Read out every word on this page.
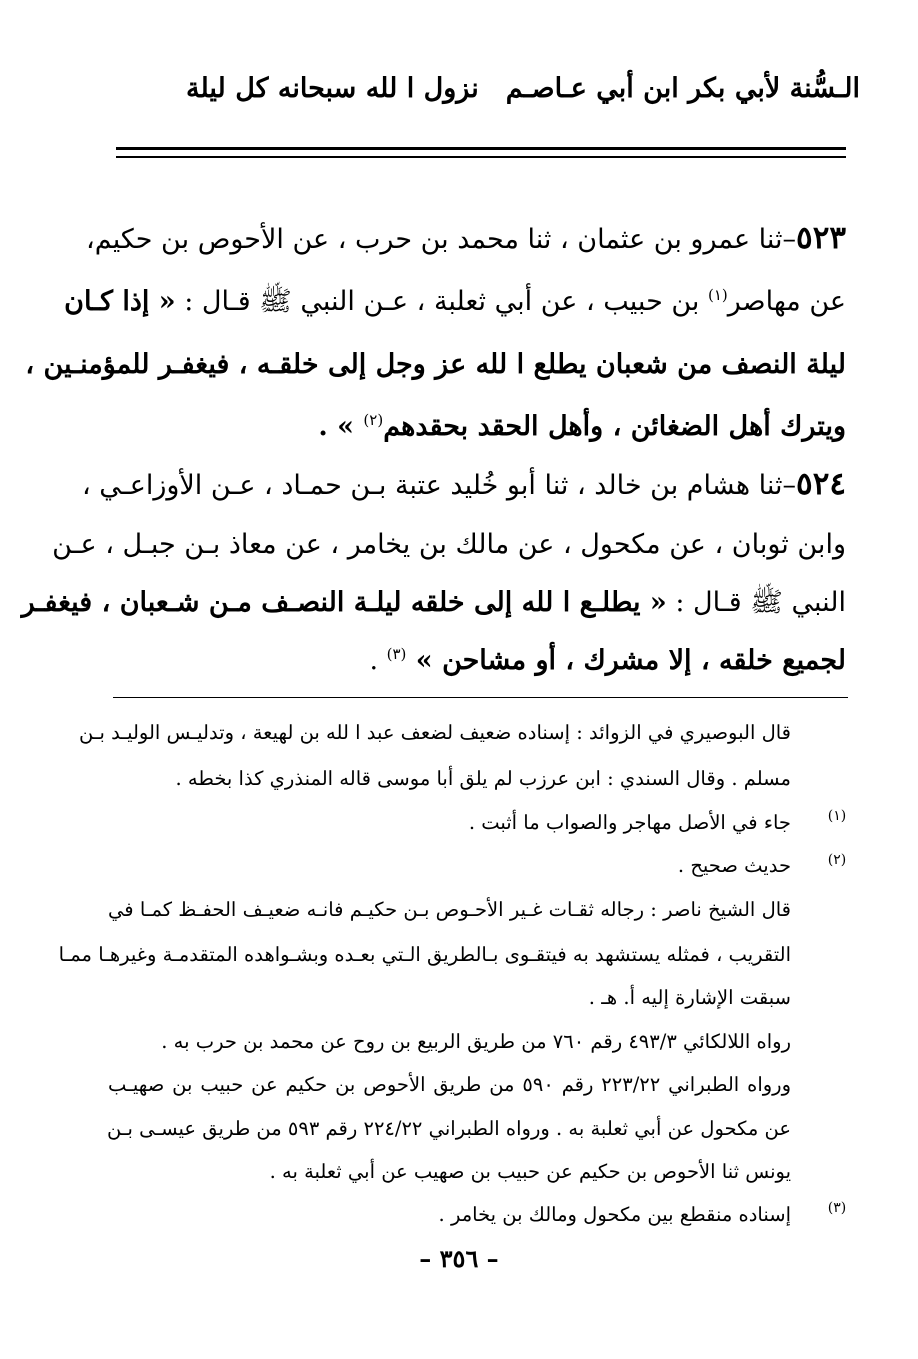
الـسُّنة لأبي بكر ابن أبي عـاصـم
نزول ا لله سبحانه كل ليلة
٥٢٣–ثنا عمرو بن عثمان ، ثنا محمد بن حرب ، عن الأحوص بن حكيم،
عن مهاصر$^{(١)}$ بن حبيب ، عن أبي ثعلبة ، عـن النبي ﷺ قـال : « إذا كـان
ليلة النصف من شعبان يطلع ا لله عز وجل إلى خلقـه ، فيغفـر للمؤمنـين ،
ويترك أهل الضغائن ، وأهل الحقد بحقدهم$^{(٢)}$ » .
٥٢٤–ثنا هشام بن خالد ، ثنا أبو خُليد عتبة بـن حمـاد ، عـن الأوزاعـي ،
وابن ثوبان ، عن مكحول ، عن مالك بن يخامر ، عن معاذ بـن جبـل ، عـن
النبي ﷺ قـال : « يطلـع ا لله إلى خلقه ليلـة النصـف مـن شـعبان ، فيغفـر
لجميع خلقه ، إلا مشرك ، أو مشاحن » $^{(٣)}$ .
قال البوصيري في الزوائد : إسناده ضعيف لضعف عبد ا لله بن لهيعة ، وتدليـس الوليـد بـن
مسلم . وقال السندي : ابن عرزب لم يلق أبا موسى قاله المنذري كذا بخطه .
(١)
جاء في الأصل مهاجر والصواب ما أثبت .
(٢)
حديث صحيح .
قال الشيخ ناصر : رجاله ثقـات غـير الأحـوص بـن حكيـم فانـه ضعيـف الحفـظ كمـا في
التقريب ، فمثله يستشهد به فيتقـوى بـالطريق الـتي بعـده وبشـواهده المتقدمـة وغيرهـا ممـا
سبقت الإشارة إليه أ. هـ .
رواه اللالكائي ٤٩٣/٣ رقم ٧٦٠ من طريق الربيع بن روح عن محمد بن حرب به .
ورواه الطبراني ٢٢٣/٢٢ رقم ٥٩٠ من طريق الأحوص بن حكيم عن حبيب بن صهيـب
عن مكحول عن أبي ثعلبة به . ورواه الطبراني ٢٢٤/٢٢ رقم ٥٩٣ من طريق عيسـى بـن
يونس ثنا الأحوص بن حكيم عن حبيب بن صهيب عن أبي ثعلبة به .
(٣)
إسناده منقطع بين مكحول ومالك بن يخامر .
– ٣٥٦ –
